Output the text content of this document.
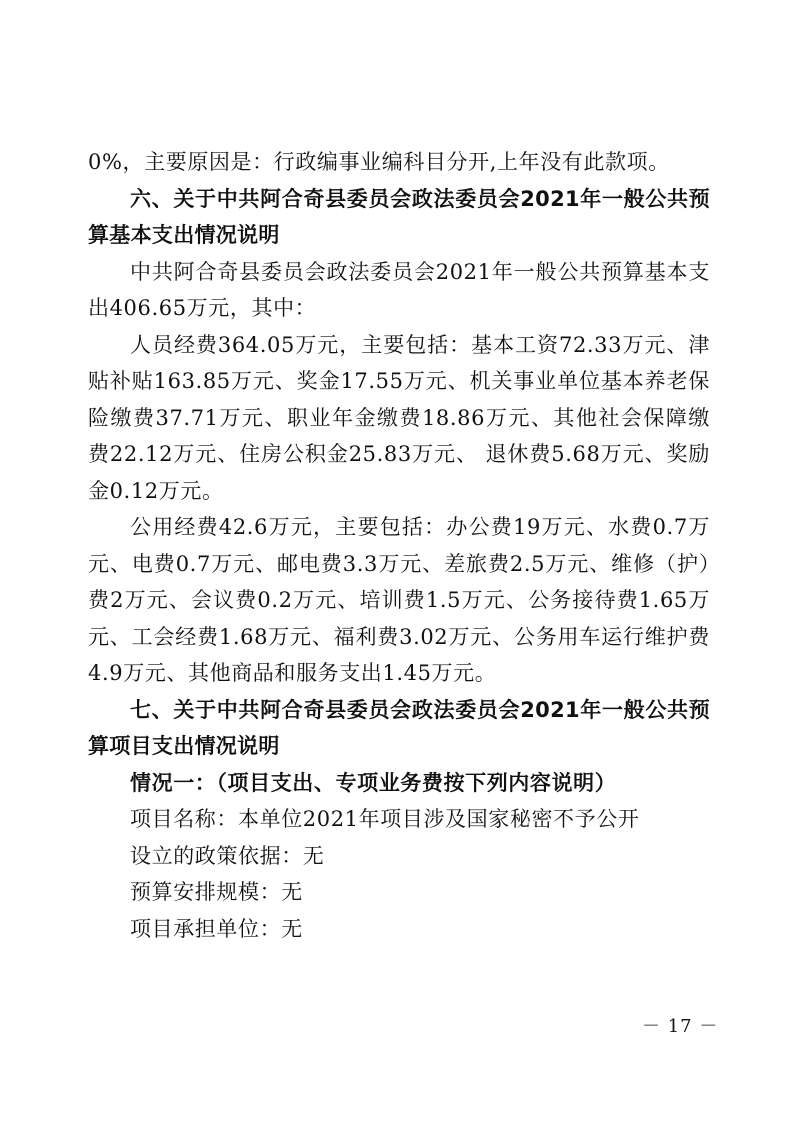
0%，主要原因是：行政编事业编科目分开,上年没有此款项。

六、关于中共阿合奇县委员会政法委员会2021年一般公共预算基本支出情况说明

中共阿合奇县委员会政法委员会2021年一般公共预算基本支出406.65万元，其中：

人员经费364.05万元，主要包括：基本工资72.33万元、津贴补贴163.85万元、奖金17.55万元、机关事业单位基本养老保险缴费37.71万元、职业年金缴费18.86万元、其他社会保障缴费22.12万元、住房公积金25.83万元、 退休费5.68万元、奖励金0.12万元。

公用经费42.6万元，主要包括：办公费19万元、水费0.7万元、电费0.7万元、邮电费3.3万元、差旅费2.5万元、维修（护）费2万元、会议费0.2万元、培训费1.5万元、公务接待费1.65万元、工会经费1.68万元、福利费3.02万元、公务用车运行维护费4.9万元、其他商品和服务支出1.45万元。

七、关于中共阿合奇县委员会政法委员会2021年一般公共预算项目支出情况说明

情况一：（项目支出、专项业务费按下列内容说明）

项目名称：本单位2021年项目涉及国家秘密不予公开

设立的政策依据：无

预算安排规模：无

项目承担单位：无

－ 17 －
